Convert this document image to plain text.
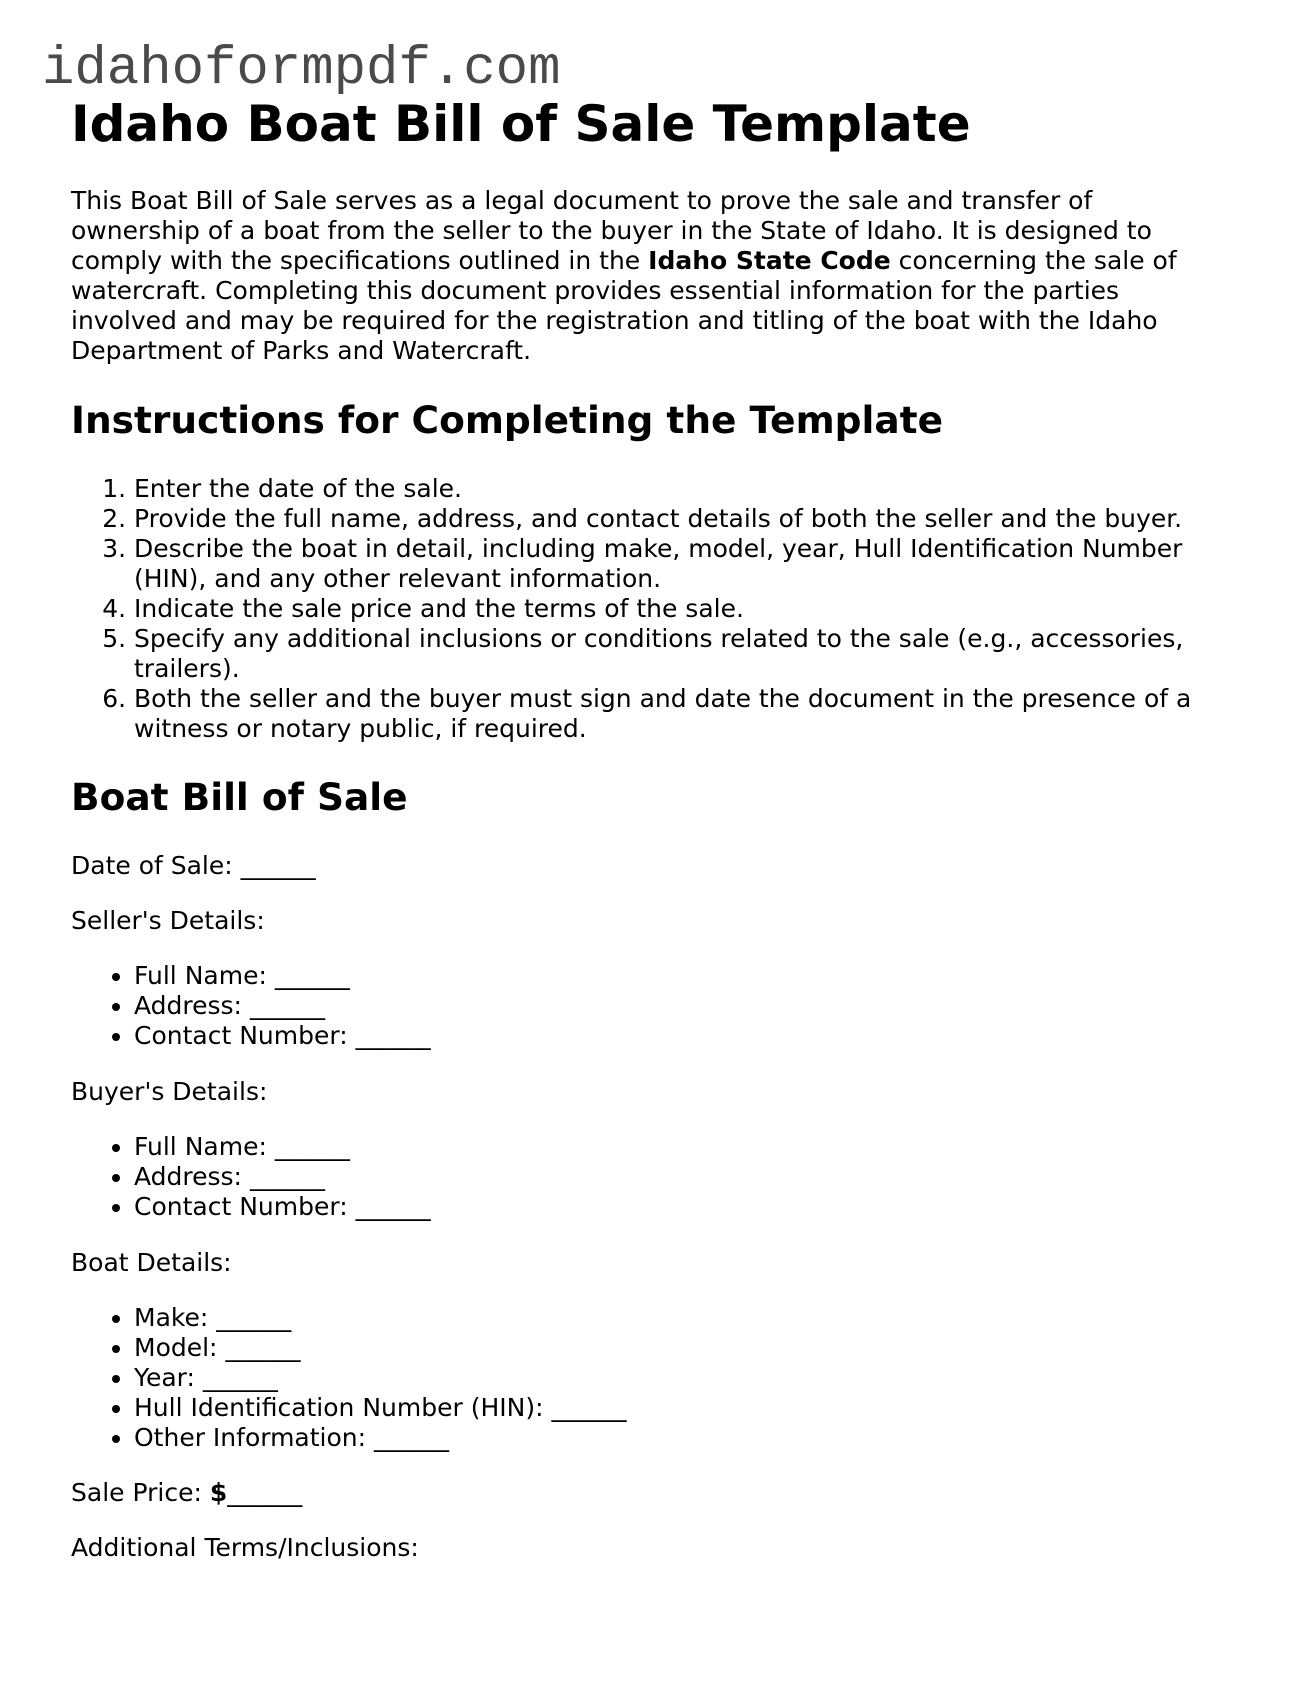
idahoformpdf.com
Idaho Boat Bill of Sale Template

This Boat Bill of Sale serves as a legal document to prove the sale and transfer of ownership of a boat from the seller to the buyer in the State of Idaho. It is designed to comply with the specifications outlined in the Idaho State Code concerning the sale of watercraft. Completing this document provides essential information for the parties involved and may be required for the registration and titling of the boat with the Idaho Department of Parks and Watercraft.

Instructions for Completing the Template
1. Enter the date of the sale.
2. Provide the full name, address, and contact details of both the seller and the buyer.
3. Describe the boat in detail, including make, model, year, Hull Identification Number (HIN), and any other relevant information.
4. Indicate the sale price and the terms of the sale.
5. Specify any additional inclusions or conditions related to the sale (e.g., accessories, trailers).
6. Both the seller and the buyer must sign and date the document in the presence of a witness or notary public, if required.
Boat Bill of Sale

Date of Sale: ______

Seller's Details:

• Full Name: ______
• Address: ______
• Contact Number: ______

Buyer's Details:

• Full Name: ______
• Address: ______
• Contact Number: ______

Boat Details:

• Make: ______
• Model: ______
• Year: ______
• Hull Identification Number (HIN): ______
• Other Information: ______

Sale Price: $______

Additional Terms/Inclusions:
